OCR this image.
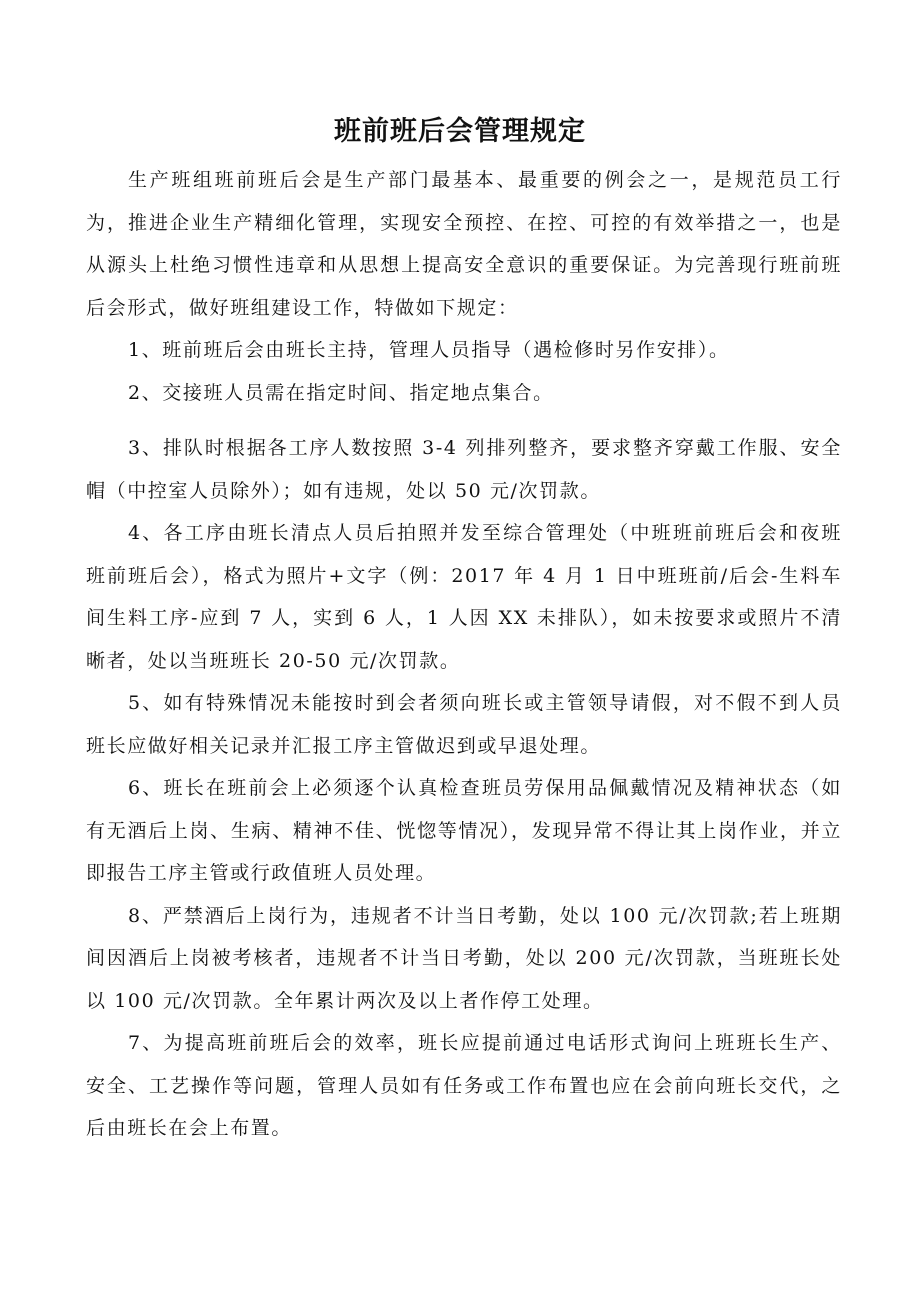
班前班后会管理规定

生产班组班前班后会是生产部门最基本、最重要的例会之一，是规范员工行为，推进企业生产精细化管理，实现安全预控、在控、可控的有效举措之一，也是从源头上杜绝习惯性违章和从思想上提高安全意识的重要保证。为完善现行班前班后会形式，做好班组建设工作，特做如下规定：

1、班前班后会由班长主持，管理人员指导（遇检修时另作安排）。

2、交接班人员需在指定时间、指定地点集合。

3、排队时根据各工序人数按照 3-4 列排列整齐，要求整齐穿戴工作服、安全帽（中控室人员除外）；如有违规，处以 50 元/次罚款。

4、各工序由班长清点人员后拍照并发至综合管理处（中班班前班后会和夜班班前班后会），格式为照片+文字（例：2017 年 4 月 1 日中班班前/后会-生料车间生料工序-应到 7 人，实到 6 人，1 人因 XX 未排队），如未按要求或照片不清晰者，处以当班班长 20-50 元/次罚款。

5、如有特殊情况未能按时到会者须向班长或主管领导请假，对不假不到人员班长应做好相关记录并汇报工序主管做迟到或早退处理。

6、班长在班前会上必须逐个认真检查班员劳保用品佩戴情况及精神状态（如有无酒后上岗、生病、精神不佳、恍惚等情况），发现异常不得让其上岗作业，并立即报告工序主管或行政值班人员处理。

8、严禁酒后上岗行为，违规者不计当日考勤，处以 100 元/次罚款;若上班期间因酒后上岗被考核者，违规者不计当日考勤，处以 200 元/次罚款，当班班长处以 100 元/次罚款。全年累计两次及以上者作停工处理。

7、为提高班前班后会的效率，班长应提前通过电话形式询问上班班长生产、安全、工艺操作等问题，管理人员如有任务或工作布置也应在会前向班长交代，之后由班长在会上布置。
